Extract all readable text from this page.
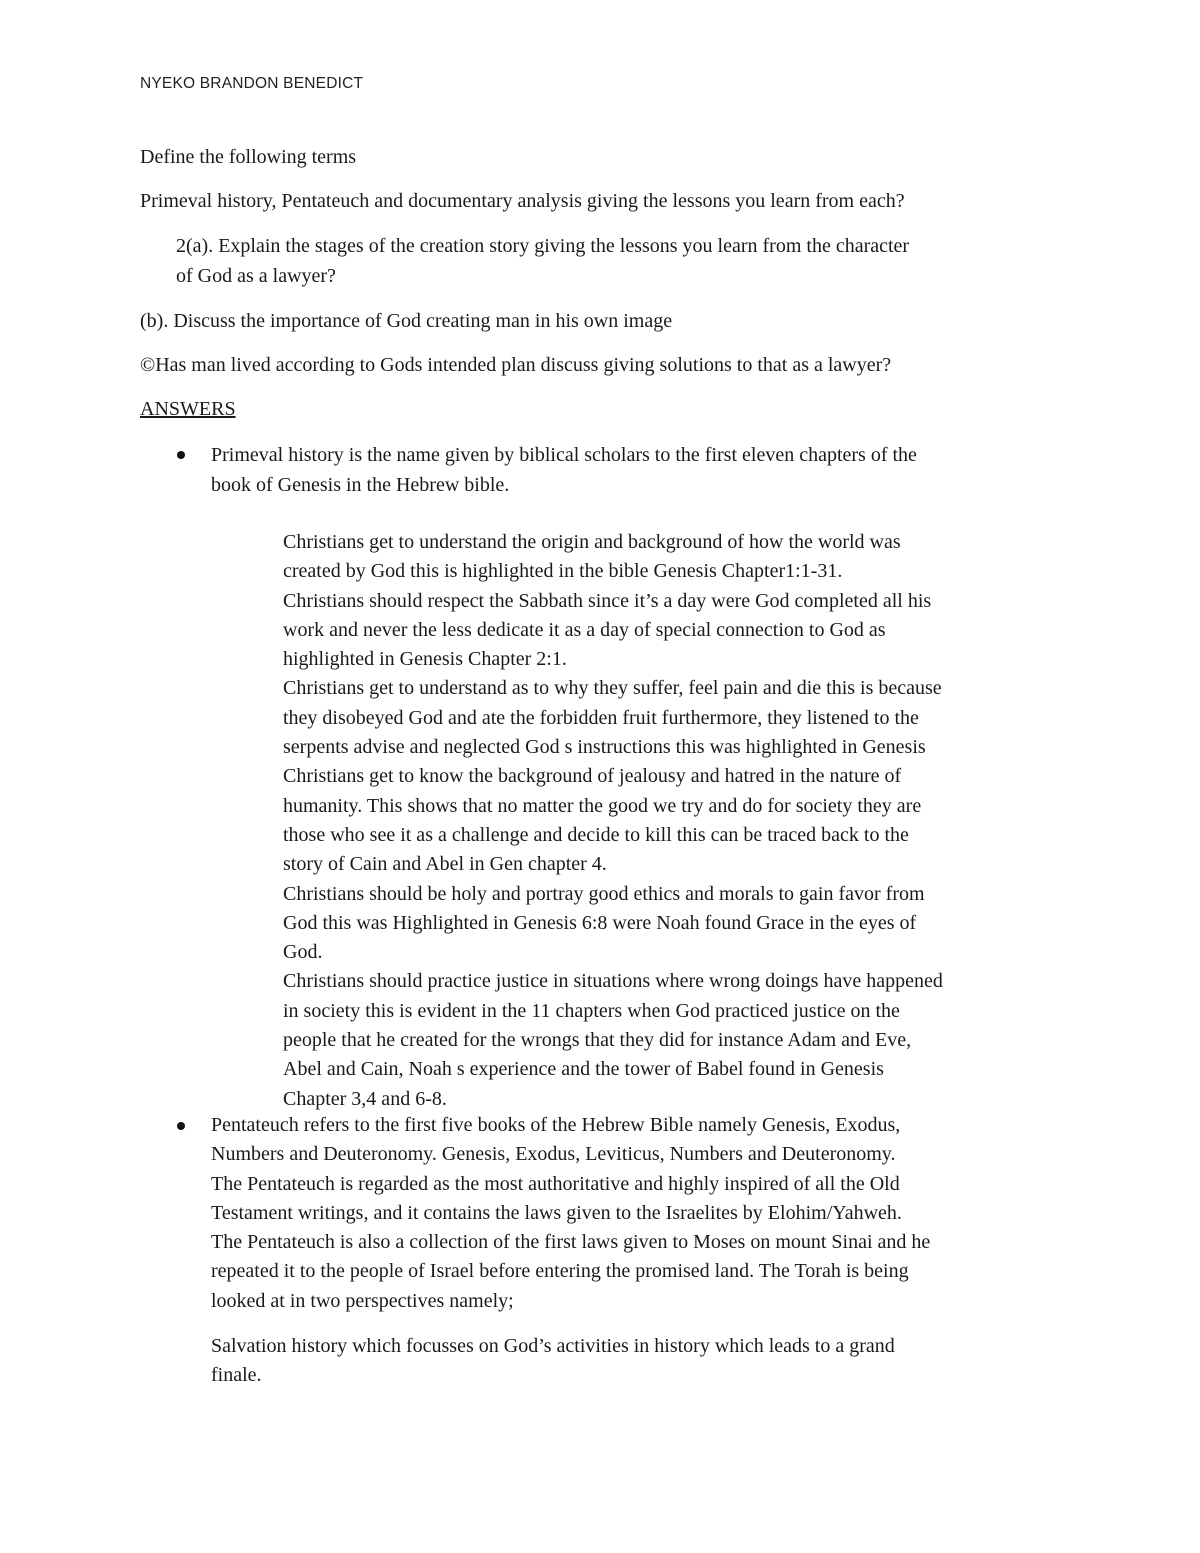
NYEKO BRANDON BENEDICT
Define the following terms
Primeval history, Pentateuch and documentary analysis giving the lessons you learn from each?
2(a). Explain the stages of the creation story giving the lessons you learn from the character
of God as a lawyer?
(b). Discuss the importance of God creating man in his own image
©Has man lived according to Gods intended plan discuss giving solutions to that as a lawyer?
ANSWERS
Primeval history is the name given by biblical scholars to the first eleven chapters of the
book of Genesis in the Hebrew bible.
Christians get to understand the origin and background of how the world was
created by God this is highlighted in the bible Genesis Chapter1:1-31.
Christians should respect the Sabbath since it’s a day were God completed all his
work and never the less dedicate it as a day of special connection to God as
highlighted in Genesis Chapter 2:1.
Christians get to understand as to why they suffer, feel pain and die this is because
they disobeyed God and ate the forbidden fruit furthermore, they listened to the
serpents advise and neglected God s instructions this was highlighted in Genesis
Christians get to know the background of jealousy and hatred in the nature of
humanity. This shows that no matter the good we try and do for society they are
those who see it as a challenge and decide to kill this can be traced back to the
story of Cain and Abel in Gen chapter 4.
Christians should be holy and portray good ethics and morals to gain favor from
God this was Highlighted in Genesis 6:8 were Noah found Grace in the eyes of
God.
Christians should practice justice in situations where wrong doings have happened
in society this is evident in the 11 chapters when God practiced justice on the
people that he created for the wrongs that they did for instance Adam and Eve,
Abel and Cain, Noah s experience and the tower of Babel found in Genesis
Chapter 3,4 and 6-8.
Pentateuch refers to the first five books of the Hebrew Bible namely Genesis, Exodus,
Numbers and Deuteronomy. Genesis, Exodus, Leviticus, Numbers and Deuteronomy.
The Pentateuch is regarded as the most authoritative and highly inspired of all the Old
Testament writings, and it contains the laws given to the Israelites by Elohim/Yahweh.
The Pentateuch is also a collection of the first laws given to Moses on mount Sinai and he
repeated it to the people of Israel before entering the promised land. The Torah is being
looked at in two perspectives namely;
Salvation history which focusses on God’s activities in history which leads to a grand
finale.
